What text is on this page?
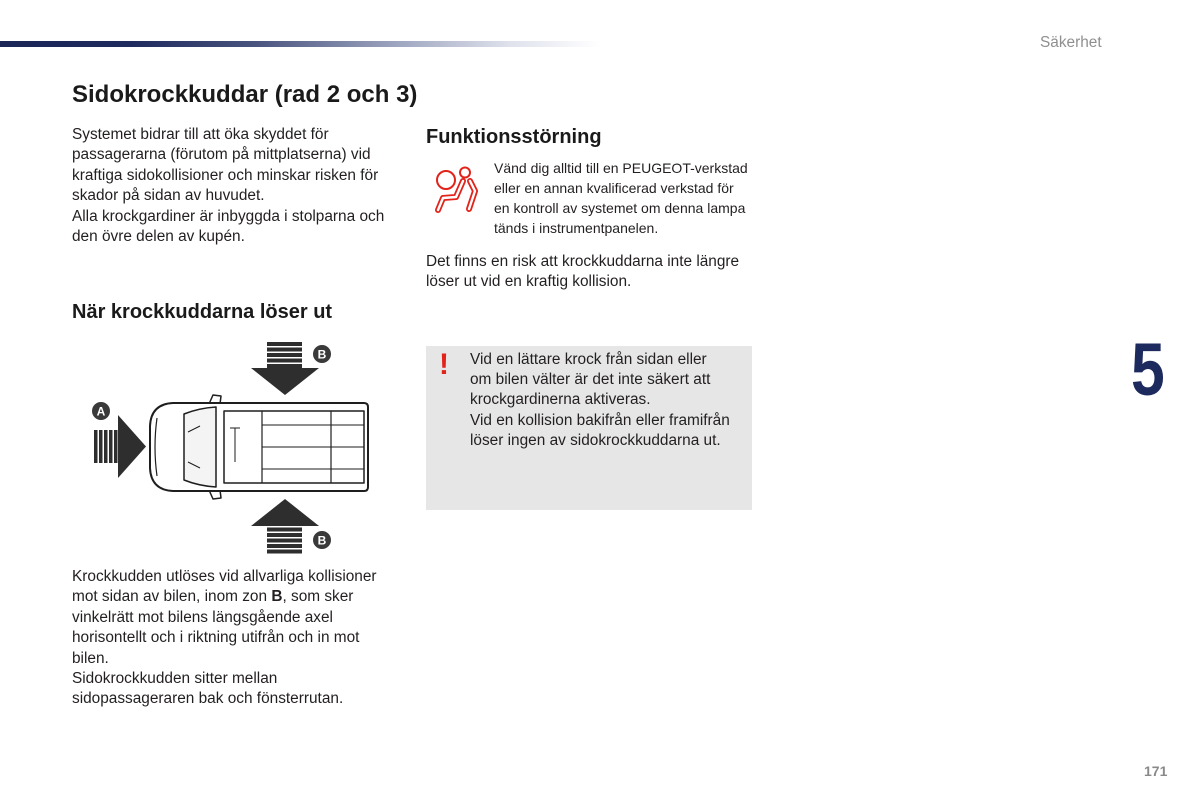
Säkerhet
Sidokrockkuddar (rad 2 och 3)
Systemet bidrar till att öka skyddet för
passagerarna (förutom på mittplatserna) vid
kraftiga sidokollisioner och minskar risken för
skador på sidan av huvudet.
Alla krockgardiner är inbyggda i stolparna och
den övre delen av kupén.
När krockkuddarna löser ut
A
B
B
Krockkudden utlöses vid allvarliga kollisioner
mot sidan av bilen, inom zon B, som sker
vinkelrätt mot bilens längsgående axel
horisontellt och i riktning utifrån och in mot
bilen.
Sidokrockkudden sitter mellan
sidopassageraren bak och fönsterrutan.
Funktionsstörning
Vänd dig alltid till en PEUGEOT-verkstad
eller en annan kvalificerad verkstad för
en kontroll av systemet om denna lampa
tänds i instrumentpanelen.
Det finns en risk att krockkuddarna inte längre
löser ut vid en kraftig kollision.
! Vid en lättare krock från sidan eller
om bilen välter är det inte säkert att
krockgardinerna aktiveras.
Vid en kollision bakifrån eller framifrån
löser ingen av sidokrockkuddarna ut.
5
171
